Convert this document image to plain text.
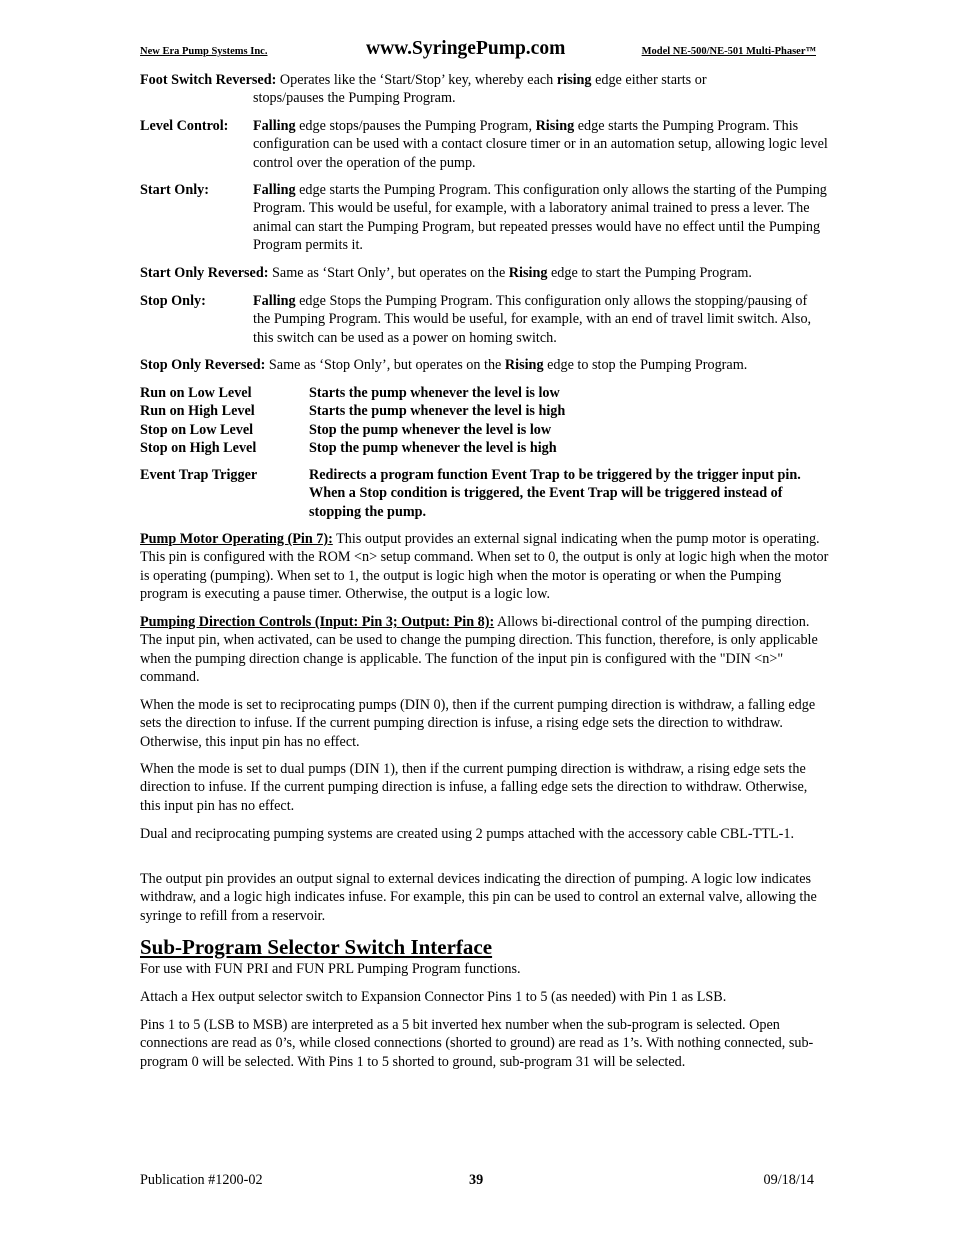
New Era Pump Systems Inc.	www.SyringePump.com	Model NE-500/NE-501 Multi-Phaser™
Foot Switch Reversed: Operates like the ‘Start/Stop’ key, whereby each rising edge either starts or
stops/pauses the Pumping Program.
Level Control: Falling edge stops/pauses the Pumping Program, Rising edge starts the Pumping Program. This configuration can be used with a contact closure timer or in an automation setup, allowing logic level control over the operation of the pump.
Start Only:	Falling edge starts the Pumping Program. This configuration only allows the starting of the Pumping Program. This would be useful, for example, with a laboratory animal trained to press a lever. The animal can start the Pumping Program, but repeated presses would have no effect until the Pumping Program permits it.
Start Only Reversed: Same as ‘Start Only’, but operates on the Rising edge to start the Pumping Program.
Stop Only:	Falling edge Stops the Pumping Program. This configuration only allows the stopping/pausing of the Pumping Program. This would be useful, for example, with an end of travel limit switch. Also, this switch can be used as a power on homing switch.
Stop Only Reversed: Same as ‘Stop Only’, but operates on the Rising edge to stop the Pumping Program.
Run on Low Level	Starts the pump whenever the level is low
Run on High Level	Starts the pump whenever the level is high
Stop on Low Level	Stop the pump whenever the level is low
Stop on High Level	Stop the pump whenever the level is high
Event Trap Trigger	Redirects a program function Event Trap to be triggered by the trigger input pin. When a Stop condition is triggered, the Event Trap will be triggered instead of stopping the pump.
Pump Motor Operating (Pin 7): This output provides an external signal indicating when the pump motor is operating. This pin is configured with the ROM <n> setup command. When set to 0, the output is only at logic high when the motor is operating (pumping). When set to 1, the output is logic high when the motor is operating or when the Pumping program is executing a pause timer. Otherwise, the output is a logic low.
Pumping Direction Controls (Input: Pin 3; Output: Pin 8): Allows bi-directional control of the pumping direction. The input pin, when activated, can be used to change the pumping direction. This function, therefore, is only applicable when the pumping direction change is applicable. The function of the input pin is configured with the "DIN <n>" command.
When the mode is set to reciprocating pumps (DIN 0), then if the current pumping direction is withdraw, a falling edge sets the direction to infuse. If the current pumping direction is infuse, a rising edge sets the direction to withdraw. Otherwise, this input pin has no effect.
When the mode is set to dual pumps (DIN 1), then if the current pumping direction is withdraw, a rising edge sets the direction to infuse. If the current pumping direction is infuse, a falling edge sets the direction to withdraw. Otherwise, this input pin has no effect.
Dual and reciprocating pumping systems are created using 2 pumps attached with the accessory cable CBL-TTL-1.
The output pin provides an output signal to external devices indicating the direction of pumping. A logic low indicates withdraw, and a logic high indicates infuse. For example, this pin can be used to control an external valve, allowing the syringe to refill from a reservoir.
Sub-Program Selector Switch Interface
For use with FUN PRI and FUN PRL Pumping Program functions.
Attach a Hex output selector switch to Expansion Connector Pins 1 to 5 (as needed) with Pin 1 as LSB.
Pins 1 to 5 (LSB to MSB) are interpreted as a 5 bit inverted hex number when the sub-program is selected. Open connections are read as 0’s, while closed connections (shorted to ground) are read as 1’s. With nothing connected, sub-program 0 will be selected. With Pins 1 to 5 shorted to ground, sub-program 31 will be selected.
Publication #1200-02	39	09/18/14
